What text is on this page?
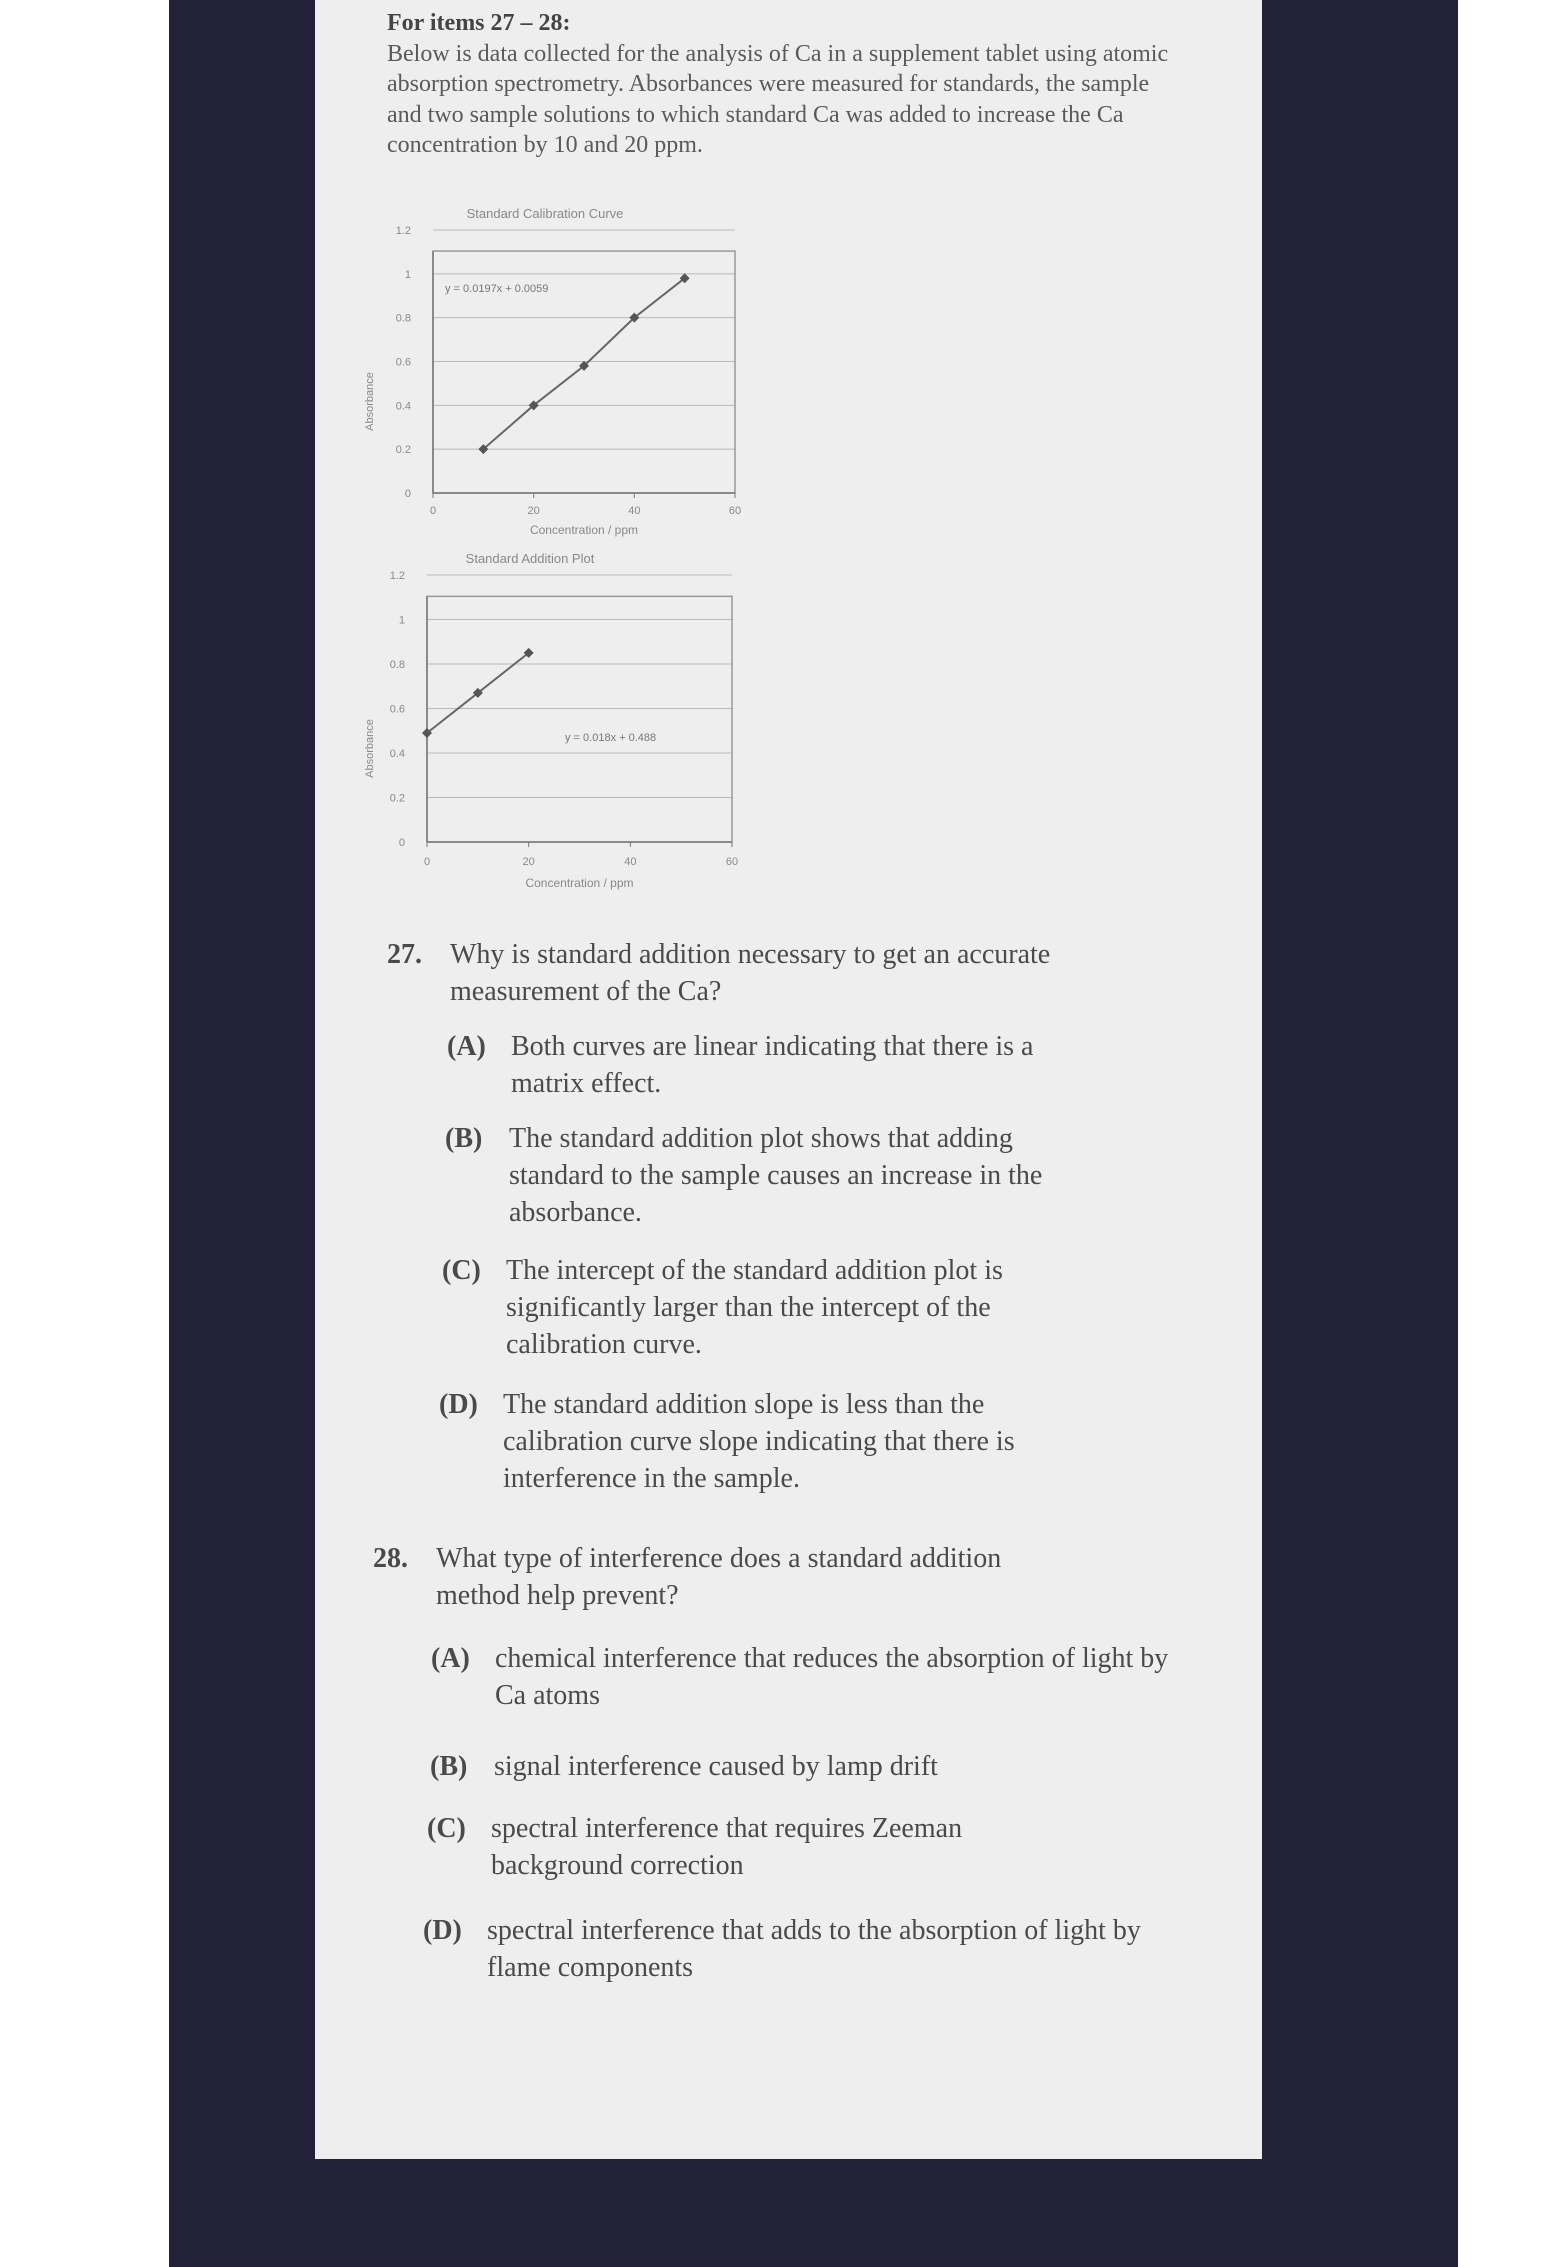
For items 27 – 28:
Below is data collected for the analysis of Ca in a supplement tablet using atomic absorption spectrometry. Absorbances were measured for standards, the sample and two sample solutions to which standard Ca was added to increase the Ca concentration by 10 and 20 ppm.
0
0.2
0.4
0.6
0.8
1
1.2
0	20	40	60
Standard Calibration Curve
Concentration / ppm
Absorbance
y = 0.0197x + 0.0059
0
0.2
0.4
0.6
0.8
1
1.2
0	20	40	60
Standard Addition Plot
Concentration / ppm
Absorbance	y = 0.018x + 0.488
27. Why is standard addition necessary to get an accurate measurement of the Ca?
(A) Both curves are linear indicating that there is a matrix effect.
(B) The standard addition plot shows that adding standard to the sample causes an increase in the absorbance.
(C) The intercept of the standard addition plot is significantly larger than the intercept of the calibration curve.
(D) The standard addition slope is less than the calibration curve slope indicating that there is interference in the sample.
28. What type of interference does a standard addition method help prevent?
(A) chemical interference that reduces the absorption of light by Ca atoms
(B) signal interference caused by lamp drift
(C) spectral interference that requires Zeeman background correction
(D) spectral interference that adds to the absorption of light by flame components
